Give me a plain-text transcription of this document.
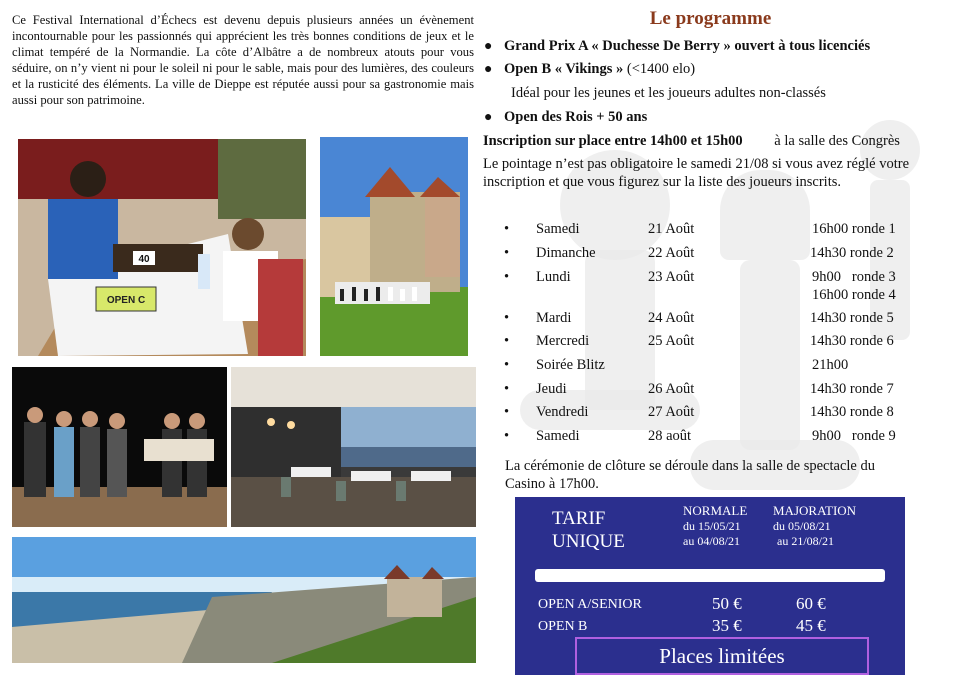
Ce Festival International d’Échecs est devenu depuis plusieurs années un évènement incontournable pour les passionnés qui apprécient les très bonnes conditions de jeux et le climat tempéré de la Normandie. La côte d’Albâtre a de nombreux atouts pour vous séduire, on n’y vient ni pour le soleil ni pour le sable, mais pour des lumières, des couleurs et la rusticité des éléments. La ville de Dieppe est réputée aussi pour sa gastronomie mais aussi pour son patrimoine.
OPEN C
40
Le programme
● Grand Prix A « Duchesse De Berry » ouvert à tous licenciés
● Open B « Vikings » (<1400 elo)
Idéal pour les jeunes et les joueurs adultes non-classés
● Open des Rois + 50 ans
Inscription sur place entre 14h00 et 15h00 à la salle des Congrès
Le pointage n’est pas obligatoire le samedi 21/08 si vous avez réglé votre inscription et que vous figurez sur la liste des joueurs inscrits.
• Samedi	21 Août	16h00 ronde 1
• Dimanche	22 Août	14h30 ronde 2
• Lundi	23 Août	9h00   ronde 3
16h00 ronde 4
• Mardi	24 Août	14h30 ronde 5
• Mercredi	25 Août	14h30 ronde 6
• Soirée Blitz	21h00
• Jeudi	26 Août	14h30 ronde 7
• Vendredi	27 Août	14h30 ronde 8
• Samedi	28 août	9h00   ronde 9
La cérémonie de clôture se déroule dans la salle de spectacle du Casino à 17h00.
TARIF
UNIQUE
NORMALE
du 15/05/21
au 04/08/21
MAJORATION
du 05/08/21
au 21/08/21
OPEN A/SENIOR	50 €	60 €
OPEN B	35 €	45 €
Places limitées
